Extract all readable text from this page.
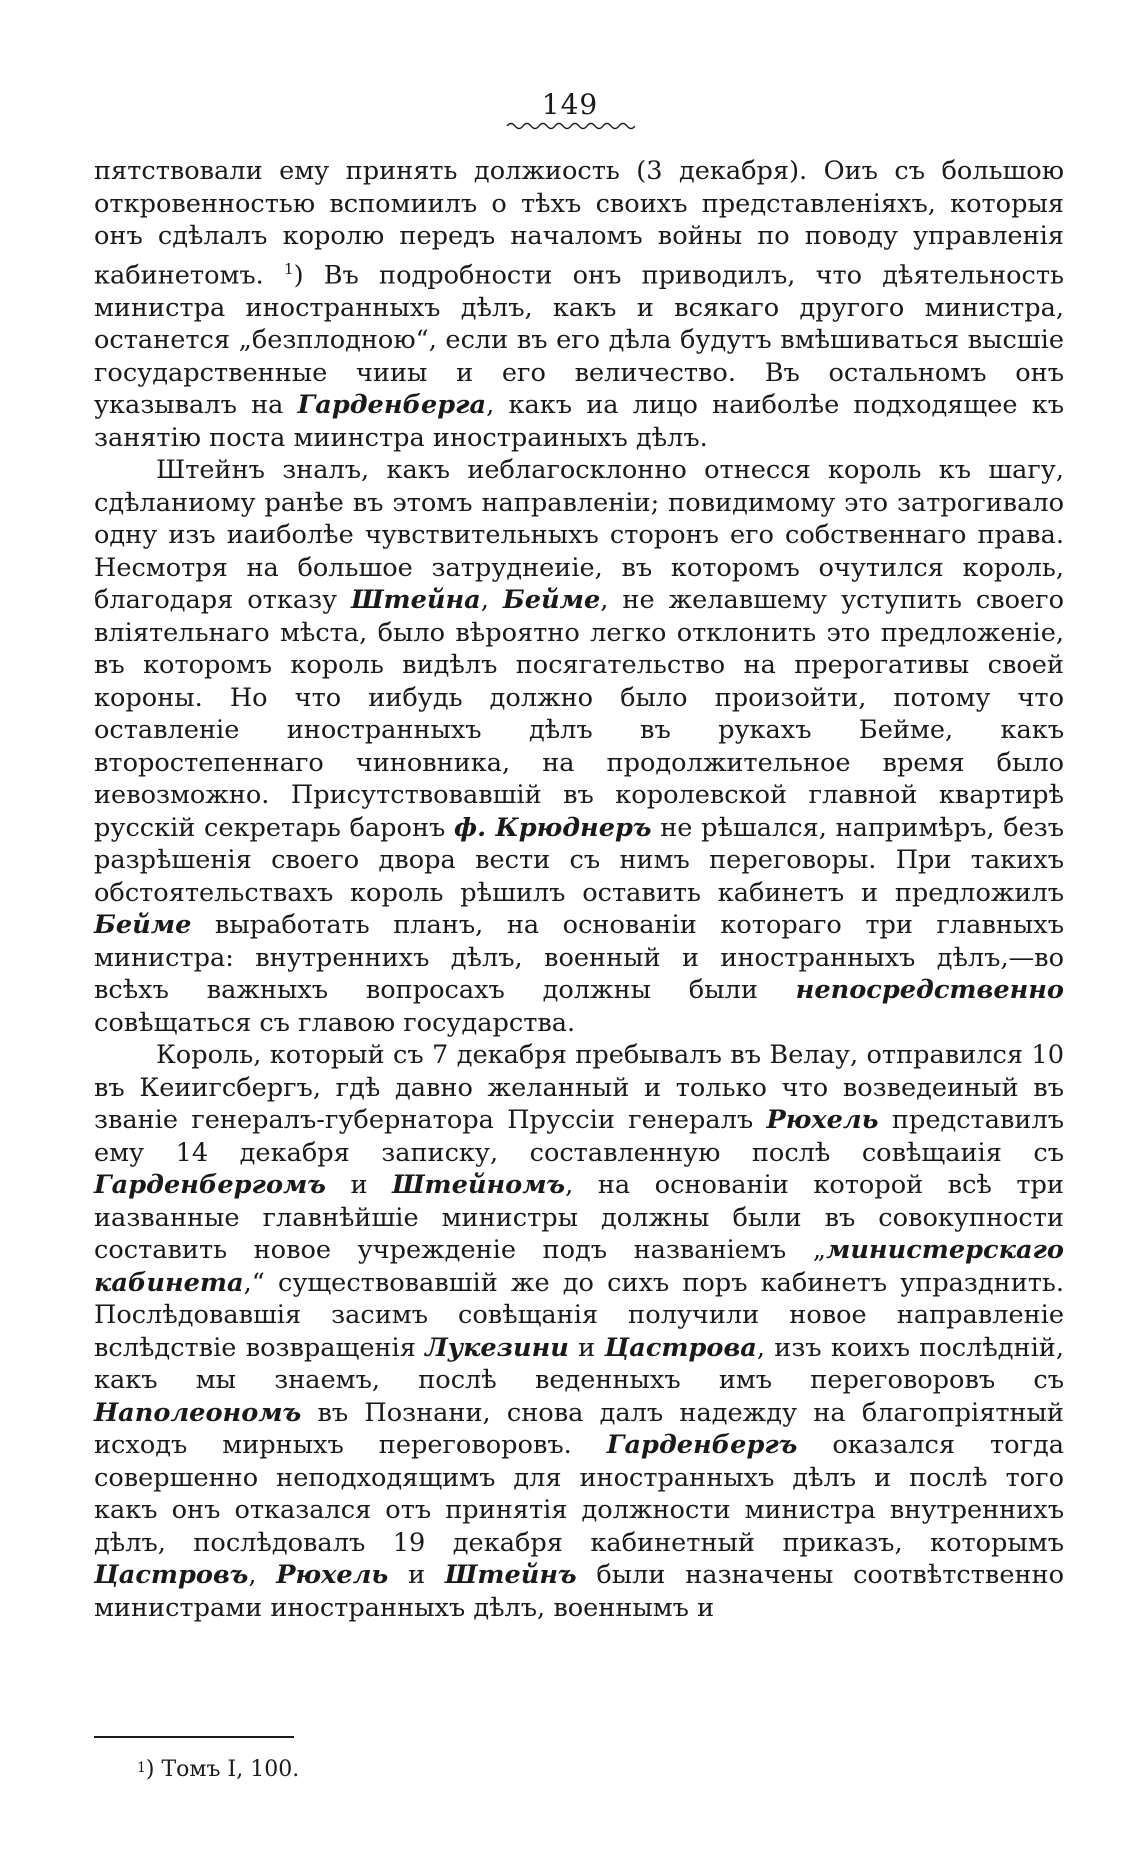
149

пятствовали ему принять должиость (3 декабря). Оиъ съ большою откровенностью вспомиилъ о тѣхъ своихъ представленіяхъ, которыя онъ сдѣлалъ королю передъ началомъ войны по поводу управленія кабинетомъ. $^1$) Въ подробности онъ приводилъ, что дѣятельность министра иностранныхъ дѣлъ, какъ и всякаго другого министра, останется „безплодною“, если въ его дѣла будутъ вмѣшиваться высшіе государственные чииы и его величество. Въ остальномъ онъ указывалъ на Гарденберга, какъ иа лицо наиболѣе подходящее къ занятію поста миинстра иностраиныхъ дѣлъ.

Штейнъ зналъ, какъ иеблагосклонно отнесся король къ шагу, сдѣланиому ранѣе въ этомъ направленіи; повидимому это затрогивало одну изъ иаиболѣе чувствительныхъ сторонъ его собственнаго права. Несмотря на большое затруднеиіе, въ которомъ очутился король, благодаря отказу Штейна, Бейме, не желавшему уступить своего вліятельнаго мѣста, было вѣроятно легко отклонить это предложеніе, въ которомъ король видѣлъ посягательство на прерогативы своей короны. Но что иибудь должно было произойти, потому что оставленіе иностранныхъ дѣлъ въ рукахъ Бейме, какъ второстепеннаго чиновника, на продолжительное время было иевозможно. Присутствовавшій въ королевской главной квартирѣ русскій секретарь баронъ ф. Крюднеръ не рѣшался, напримѣръ, безъ разрѣшенія своего двора вести съ нимъ переговоры. При такихъ обстоятельствахъ король рѣшилъ оставить кабинетъ и предложилъ Бейме выработать планъ, на основаніи котораго три главныхъ министра: внутреннихъ дѣлъ, военный и иностранныхъ дѣлъ,—во всѣхъ важныхъ вопросахъ должны были непосредственно совѣщаться съ главою государства.

Король, который съ 7 декабря пребывалъ въ Велау, отправился 10 въ Кеиигсбергъ, гдѣ давно желанный и только что возведеиный въ званіе генералъ-губернатора Пруссіи генералъ Рюхель представилъ ему 14 декабря записку, составленную послѣ совѣщаиія съ Гарденбергомъ и Штейномъ, на основаніи которой всѣ три иазванные главнѣйшіе министры должны были въ совокупности составить новое учрежденіе подъ названіемъ „министерскаго кабинета,“ существовавшій же до сихъ поръ кабинетъ упразднить. Послѣдовавшія засимъ совѣщанія получили новое направленіе вслѣдствіе возвращенія Лукезини и Цастрова, изъ коихъ послѣдній, какъ мы знаемъ, послѣ веденныхъ имъ переговоровъ съ Наполеономъ въ Познани, снова далъ надежду на благопріятный исходъ мирныхъ переговоровъ. Гарденбергъ оказался тогда совершенно неподходящимъ для иностранныхъ дѣлъ и послѣ того какъ онъ отказался отъ принятія должности министра внутреннихъ дѣлъ, послѣдовалъ 19 декабря кабинетный приказъ, которымъ Цастровъ, Рюхель и Штейнъ были назначены соотвѣтственно министрами иностранныхъ дѣлъ, военнымъ и

$^1$) Томъ I, 100.
